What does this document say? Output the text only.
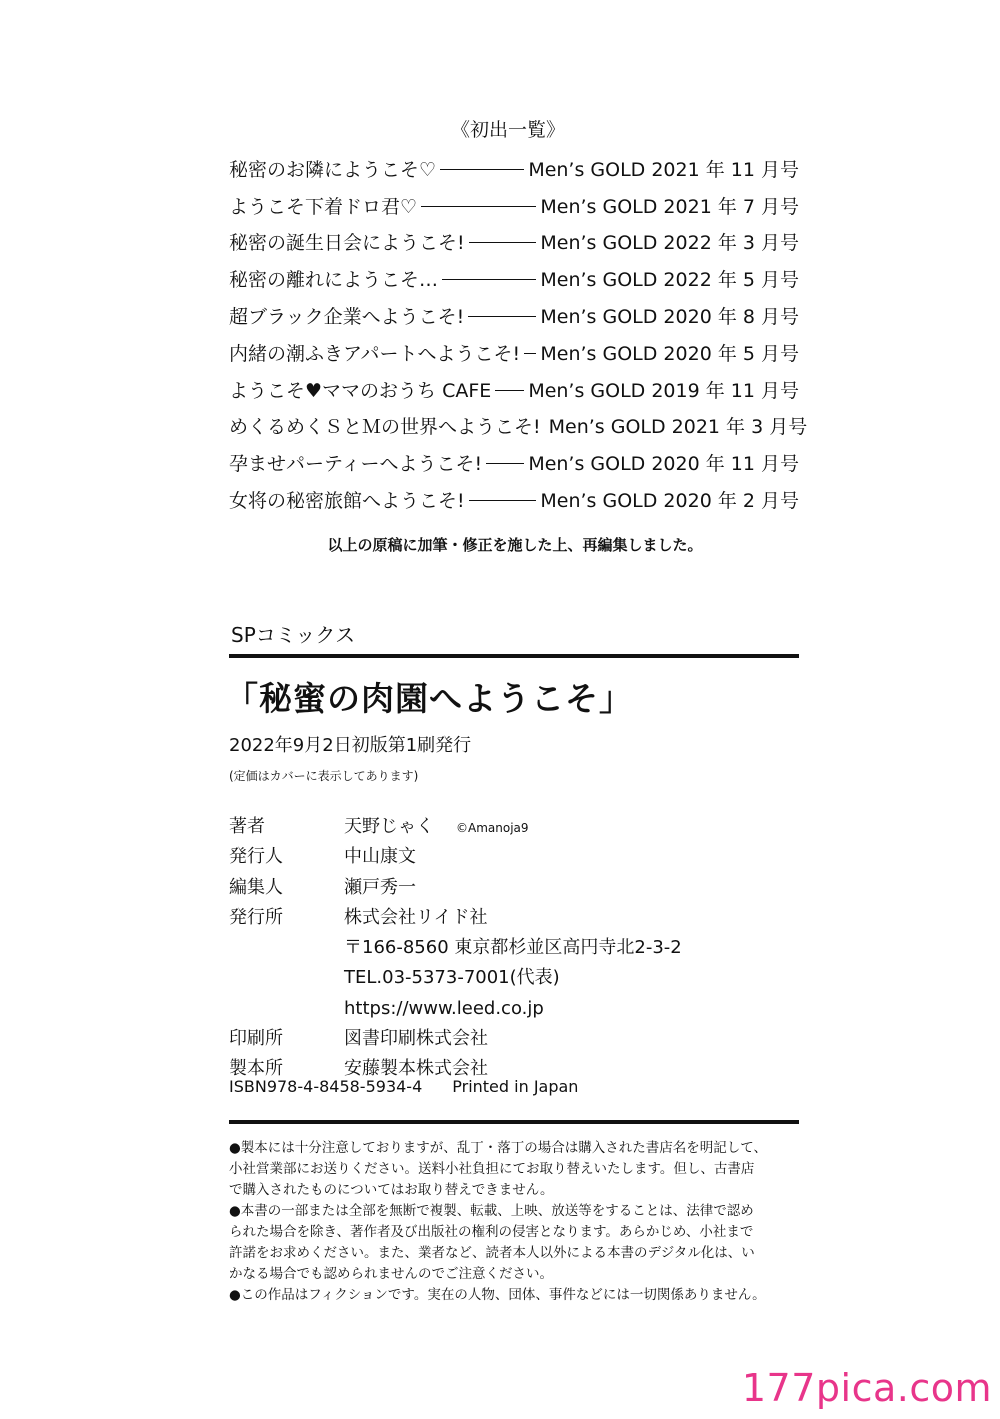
《初出一覧》
秘密のお隣にようこそ♡	Men’s GOLD 2021 年 11 月号
ようこそ下着ドロ君♡	Men’s GOLD 2021 年 7 月号
秘密の誕生日会にようこそ!	Men’s GOLD 2022 年 3 月号
秘密の離れにようこそ…	Men’s GOLD 2022 年 5 月号
超ブラック企業へようこそ!	Men’s GOLD 2020 年 8 月号
内緒の潮ふきアパートへようこそ! Men’s GOLD 2020 年 5 月号
ようこそ♥ママのおうち CAFE Men’s GOLD 2019 年 11 月号
めくるめくＳとＭの世界へようこそ! Men’s GOLD 2021 年 3 月号
孕ませパーティーへようこそ! Men’s GOLD 2020 年 11 月号
女将の秘密旅館へようこそ!	Men’s GOLD 2020 年 2 月号
以上の原稿に加筆・修正を施した上、再編集しました。
SPコミックス
「秘蜜の肉園へようこそ」
2022年9月2日初版第1刷発行
(定価はカバーに表示してあります)
著者	天野じゃく ©Amanoja9
発行人	中山康文
編集人	瀬戸秀一
発行所	株式会社リイド社
〒166-8560 東京都杉並区高円寺北2-3-2
TEL.03-5373-7001(代表)
https://www.leed.co.jp
印刷所	図書印刷株式会社
製本所	安藤製本株式会社
ISBN978-4-8458-5934-4 Printed in Japan

●製本には十分注意しておりますが、乱丁・落丁の場合は購入された書店名を明記して、
小社営業部にお送りください。送料小社負担にてお取り替えいたします。但し、古書店
で購入されたものについてはお取り替えできません。

●本書の一部または全部を無断で複製、転載、上映、放送等をすることは、法律で認め
られた場合を除き、著作者及び出版社の権利の侵害となります。あらかじめ、小社まで
許諾をお求めください。また、業者など、読者本人以外による本書のデジタル化は、い
かなる場合でも認められませんのでご注意ください。

●この作品はフィクションです。実在の人物、団体、事件などには一切関係ありません。

177pica.com
